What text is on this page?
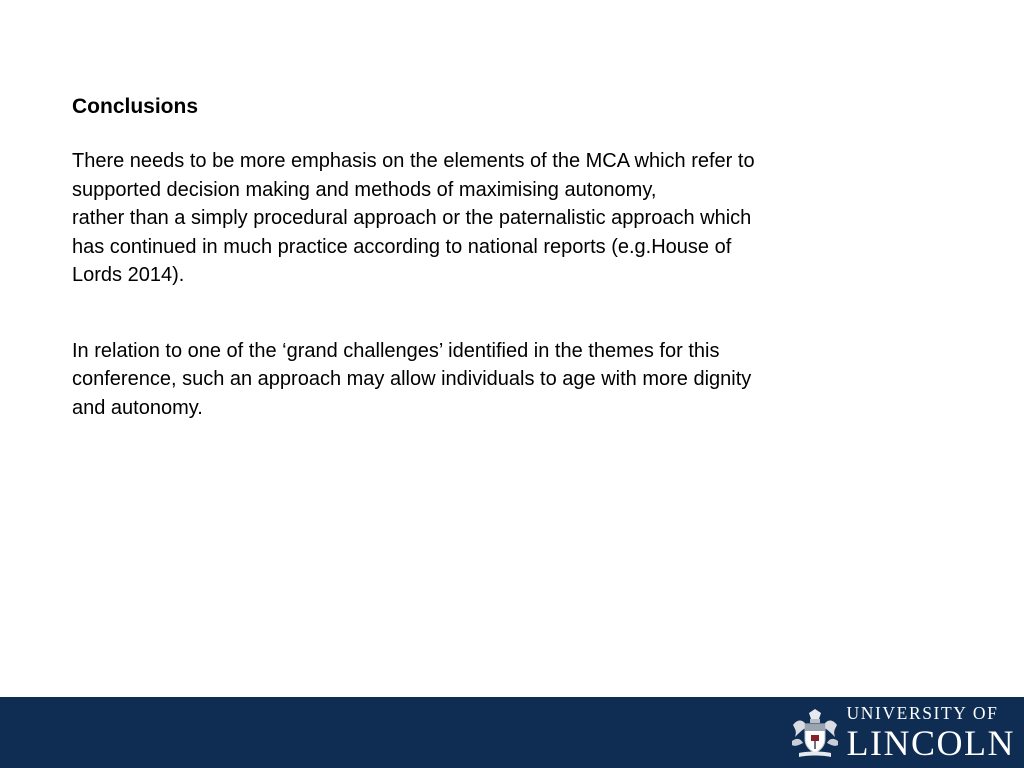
Conclusions

There needs to be more emphasis on the elements of the MCA which refer to
supported decision making and methods of maximising autonomy,
rather than a simply procedural approach or the paternalistic approach which
has continued in much practice according to national reports (e.g.House of
Lords 2014).

In relation to one of the ‘grand challenges’ identified in the themes for this
conference, such an approach may allow individuals to age with more dignity
and autonomy.

UNIVERSITY OF
LINCOLN
